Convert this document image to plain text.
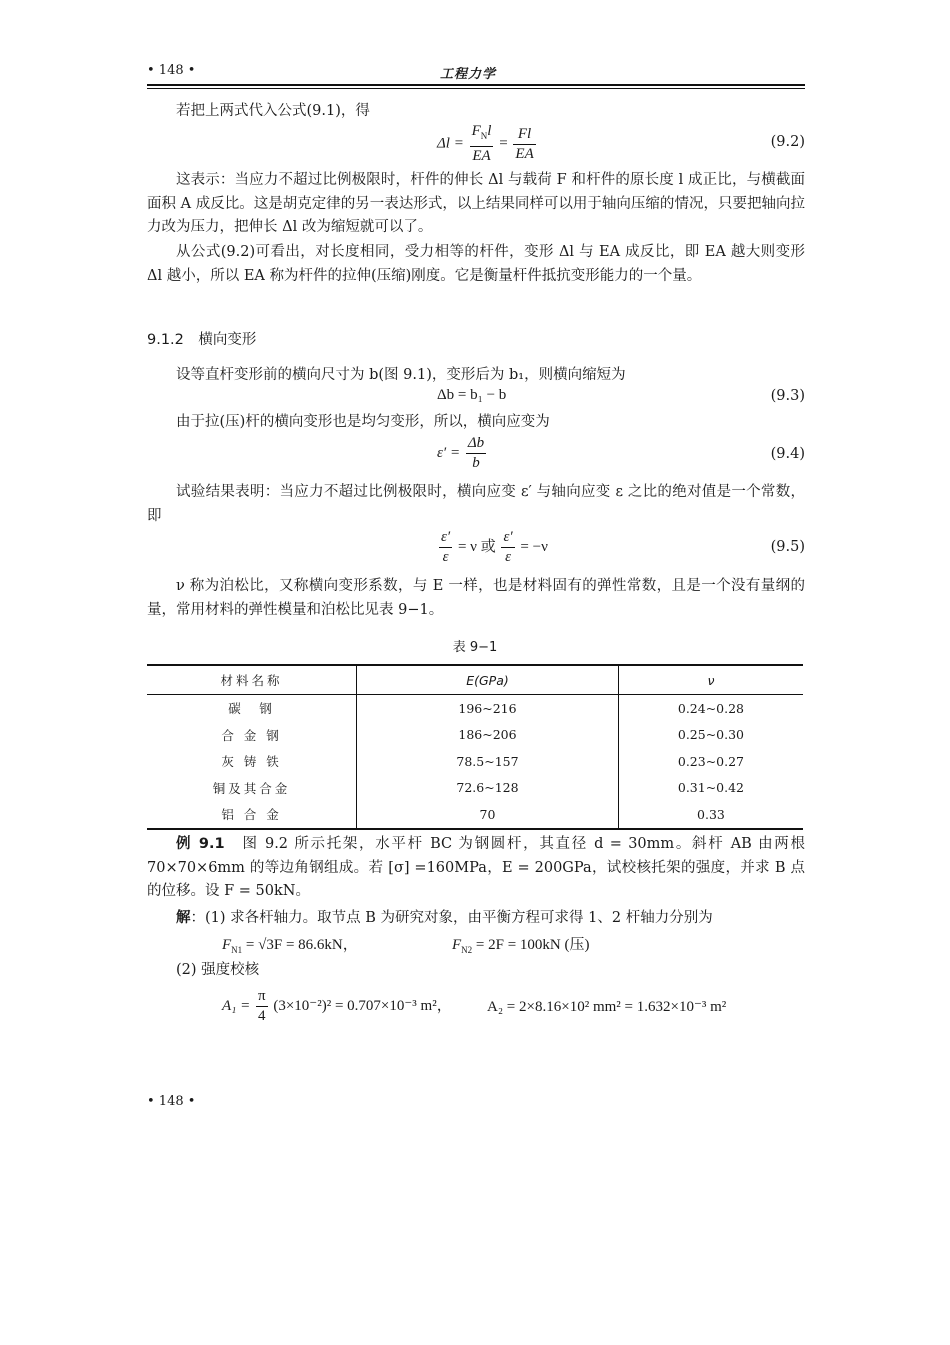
• 148 •	工程力学
若把上两式代入公式(9.1)，得
$\Delta l = \frac{F_Nl}{EA} = \frac{Fl}{EA}$	(9.2)
这表示：当应力不超过比例极限时，杆件的伸长 Δl 与载荷 F 和杆件的原长度 l 成正比，与横截面面积 A 成反比。这是胡克定律的另一表达形式，以上结果同样可以用于轴向压缩的情况，只要把轴向拉力改为压力，把伸长 Δl 改为缩短就可以了。
从公式(9.2)可看出，对长度相同，受力相等的杆件，变形 Δl 与 EA 成反比，即 EA 越大则变形 Δl 越小，所以 EA 称为杆件的拉伸(压缩)刚度。它是衡量杆件抵抗变形能力的一个量。
9.1.2　横向变形
设等直杆变形前的横向尺寸为 b(图 9.1)，变形后为 b₁，则横向缩短为
Δb = b₁ − b	(9.3)
由于拉(压)杆的横向变形也是均匀变形，所以，横向应变为
$\varepsilon' = \frac{\Delta b}{b}$	(9.4)
试验结果表明：当应力不超过比例极限时，横向应变 ε′ 与轴向应变 ε 之比的绝对值是一个常数，即
$\frac{\varepsilon'}{\varepsilon} = \nu$ 或 $\frac{\varepsilon'}{\varepsilon} = -\nu$	(9.5)
ν 称为泊松比，又称横向变形系数，与 E 一样，也是材料固有的弹性常数，且是一个没有量纲的量，常用材料的弹性模量和泊松比见表 9−1。
表 9−1
材料名称	E(GPa)	ν
碳　钢	196~216	0.24~0.28
合 金 钢	186~206	0.25~0.30
灰 铸 铁	78.5~157	0.23~0.27
铜及其合金	72.6~128	0.31~0.42
铝 合 金	70	0.33
例 9.1　 图 9.2 所示托架，水平杆 BC 为钢圆杆，其直径 d = 30mm。斜杆 AB 由两根 70×70×6mm 的等边角钢组成。若 [σ] =160MPa，E = 200GPa，试校核托架的强度，并求 B 点的位移。设 F = 50kN。
解：(1) 求各杆轴力。取节点 B 为研究对象，由平衡方程可求得 1、2 杆轴力分别为
$F_{N1} = √3F = 86.6kN$，	$F_{N2} = 2F = 100kN$ (压)
(2) 强度校核
$A_1 = \frac{\pi}{4} (3\times 10^{-2})^2 = 0.707\times 10^{-3}$ m²， A₂ = 2×8.16×10² mm² = 1.632×10⁻³ m²
• 148 •
